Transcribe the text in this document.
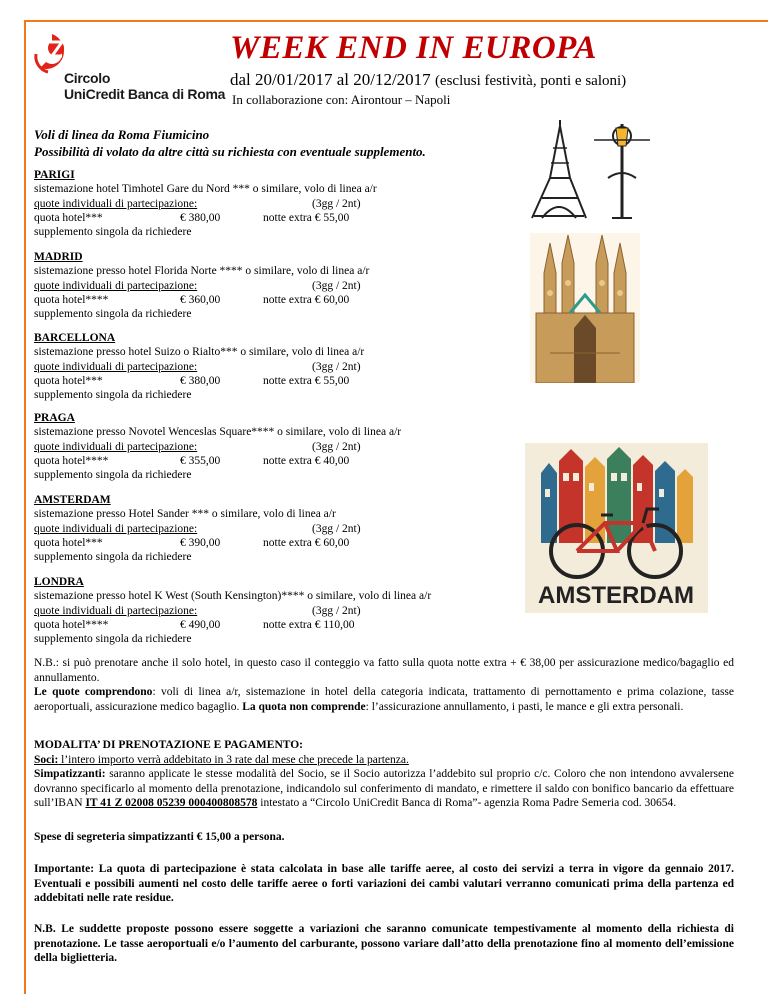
Circolo
UniCredit Banca di Roma
WEEK END IN EUROPA
dal 20/01/2017 al 20/12/2017 (esclusi festività, ponti e saloni)
In collaborazione con: Airontour – Napoli
Voli di linea da Roma Fiumicino
Possibilità di volato da altre città su richiesta con eventuale supplemento.
PARIGI
sistemazione hotel Timhotel Gare du Nord *** o similare, volo di linea a/r
quote individuali di partecipazione:	(3gg / 2nt)
quota hotel***	€ 380,00	notte extra € 55,00
supplemento singola da richiedere
MADRID
sistemazione presso hotel Florida Norte **** o similare, volo di linea a/r
quote individuali di partecipazione:	(3gg / 2nt)
quota hotel****	€ 360,00	notte extra € 60,00
supplemento singola da richiedere
BARCELLONA
sistemazione presso hotel Suizo o Rialto*** o similare, volo di linea a/r
quote individuali di partecipazione:	(3gg / 2nt)
quota hotel***	€ 380,00	notte extra € 55,00
supplemento singola da richiedere
PRAGA
sistemazione presso Novotel Wenceslas Square**** o similare, volo di linea a/r
quote individuali di partecipazione:	(3gg / 2nt)
quota hotel****	€ 355,00	notte extra € 40,00
supplemento singola da richiedere
AMSTERDAM
sistemazione presso Hotel Sander *** o similare, volo di linea a/r
quote individuali di partecipazione:	(3gg / 2nt)
quota hotel***	€ 390,00	notte extra € 60,00
supplemento singola da richiedere
LONDRA
sistemazione presso hotel K West (South Kensington)**** o similare, volo di linea a/r
quote individuali di partecipazione:	(3gg / 2nt)
quota hotel****	€ 490,00	notte extra € 110,00
supplemento singola da richiedere
AMSTERDAM
N.B.: si può prenotare anche il solo hotel, in questo caso il conteggio va fatto sulla quota notte extra + € 38,00 per assicurazione medico/bagaglio ed annullamento.
Le quote comprendono: voli di linea a/r, sistemazione in hotel della categoria indicata, trattamento di pernottamento e prima colazione, tasse aeroportuali, assicurazione medico bagaglio. La quota non comprende: l’assicurazione annullamento, i pasti, le mance e gli extra personali.
MODALITA’ DI PRENOTAZIONE E PAGAMENTO:
Soci: l’intero importo verrà addebitato in 3 rate dal mese che precede la partenza.
Simpatizzanti: saranno applicate le stesse modalità del Socio, se il Socio autorizza l’addebito sul proprio c/c. Coloro che non intendono avvalersene dovranno specificarlo al momento della prenotazione, indicandolo sul conferimento di mandato, e rimettere il saldo con bonifico bancario da effettuare sull’IBAN IT 41 Z 02008 05239 000400808578 intestato a “Circolo UniCredit Banca di Roma”- agenzia Roma Padre Semeria cod. 30654.
Spese di segreteria simpatizzanti € 15,00 a persona.
Importante: La quota di partecipazione è stata calcolata in base alle tariffe aeree, al costo dei servizi a terra in vigore da gennaio 2017. Eventuali e possibili aumenti nel costo delle tariffe aeree o forti variazioni dei cambi valutari verranno comunicati prima della partenza ed addebitati nelle rate residue.
N.B. Le suddette proposte possono essere soggette a variazioni che saranno comunicate tempestivamente al momento della richiesta di prenotazione. Le tasse aeroportuali e/o l’aumento del carburante, possono variare dall’atto della prenotazione fino al momento dell’emissione della biglietteria.
